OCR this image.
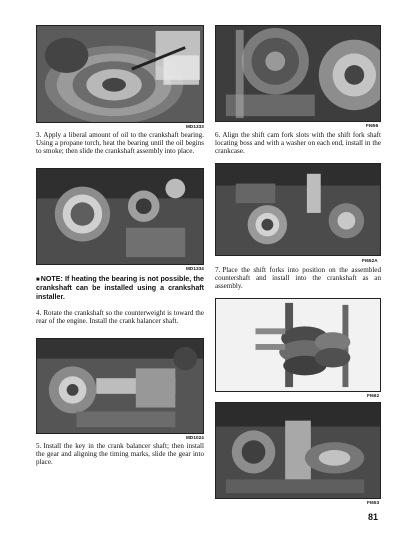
MD1333

3. Apply a liberal amount of oil to the crankshaft bearing. Using a propane torch, heat the bearing until the oil begins to smoke; then slide the crankshaft assembly into place.

MD1334

■NOTE: If heating the bearing is not possible, the crankshaft can be installed using a crankshaft installer.

4. Rotate the crankshaft so the counterweight is toward the rear of the engine. Install the crank balancer shaft.

MD1024

5. Install the key in the crank balancer shaft; then install the gear and aligning the timing marks, slide the gear into place.

FI656

6. Align the shift cam fork slots with the shift fork shaft locating boss and with a washer on each end, install in the crankcase.

FI652A

7. Place the shift forks into position on the assembled countershaft and install into the crankshaft as an assembly.

FI662
FI653
81
